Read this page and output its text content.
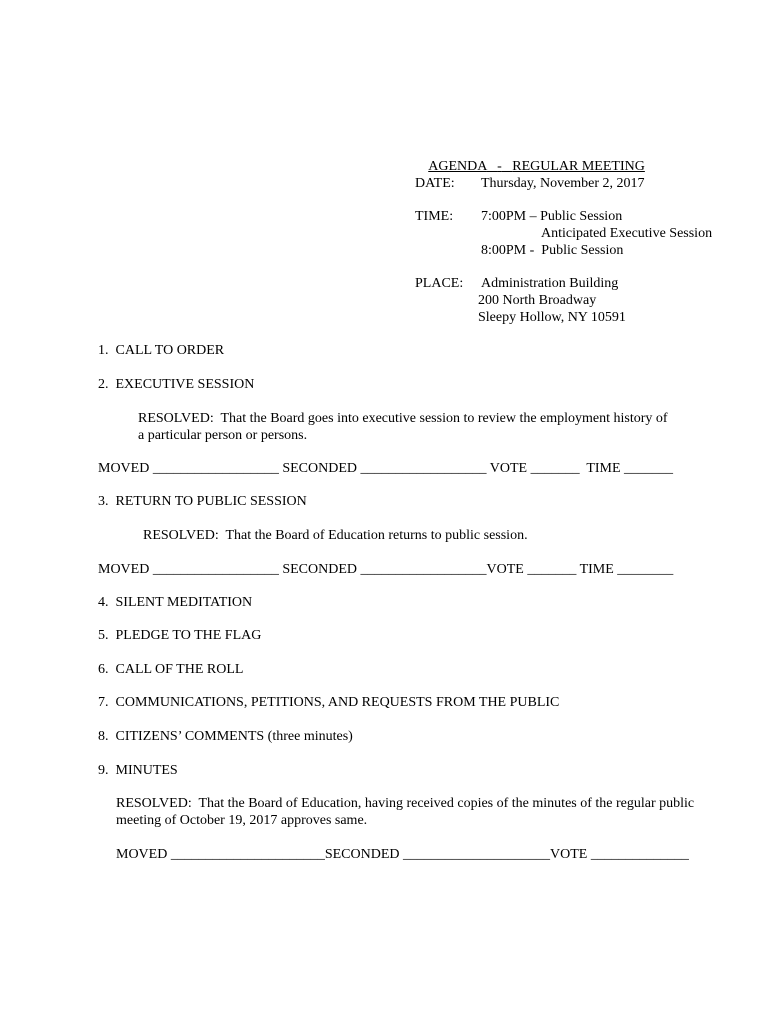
AGENDA - REGULAR MEETING

DATE: Thursday, November 2, 2017
TIME: 7:00PM – Public Session
Anticipated Executive Session
8:00PM -  Public Session
PLACE: Administration Building
200 North Broadway
Sleepy Hollow, NY 10591
1.  CALL TO ORDER
2.  EXECUTIVE SESSION
RESOLVED:  That the Board goes into executive session to review the employment history of
a particular person or persons.
MOVED __________________ SECONDED __________________ VOTE _______  TIME _______
3.  RETURN TO PUBLIC SESSION
RESOLVED:  That the Board of Education returns to public session.
MOVED __________________ SECONDED __________________VOTE _______ TIME ________
4.  SILENT MEDITATION
5.  PLEDGE TO THE FLAG
6.  CALL OF THE ROLL
7.  COMMUNICATIONS, PETITIONS, AND REQUESTS FROM THE PUBLIC
8.  CITIZENS’ COMMENTS (three minutes)
9.  MINUTES
RESOLVED:  That the Board of Education, having received copies of the minutes of the regular public
meeting of October 19, 2017 approves same.
MOVED ______________________SECONDED _____________________VOTE ______________
